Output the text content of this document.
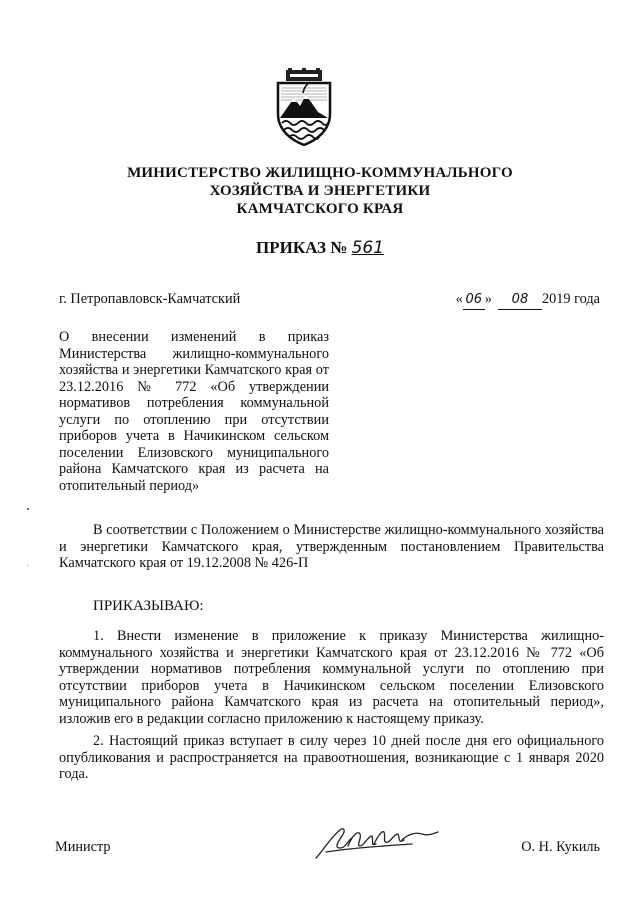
МИНИСТЕРСТВО ЖИЛИЩНО-КОММУНАЛЬНОГО
ХОЗЯЙСТВА И ЭНЕРГЕТИКИ
КАМЧАТСКОГО КРАЯ
ПРИКАЗ № 561
г. Петропавловск-Камчатский	« 06 » 08 2019 года
О внесении изменений в приказ Министерства жилищно-коммунального хозяйства и энергетики Камчатского края от 23.12.2016 № 772 «Об утверждении нормативов потребления коммунальной услуги по отоплению при отсутствии приборов учета в Начикинском сельском поселении Елизовского муниципального района Камчатского края из расчета на отопительный период»
В соответствии с Положением о Министерстве жилищно-коммунального хозяйства и энергетики Камчатского края, утвержденным постановлением Правительства Камчатского края от 19.12.2008 № 426-П
ПРИКАЗЫВАЮ:
1. Внести изменение в приложение к приказу Министерства жилищно-коммунального хозяйства и энергетики Камчатского края от 23.12.2016 № 772 «Об утверждении нормативов потребления коммунальной услуги по отоплению при отсутствии приборов учета в Начикинском сельском поселении Елизовского муниципального района Камчатского края из расчета на отопительный период», изложив его в редакции согласно приложению к настоящему приказу.
2. Настоящий приказ вступает в силу через 10 дней после дня его официального опубликования и распространяется на правоотношения, возникающие с 1 января 2020 года.
Министр	О. Н. Кукиль
